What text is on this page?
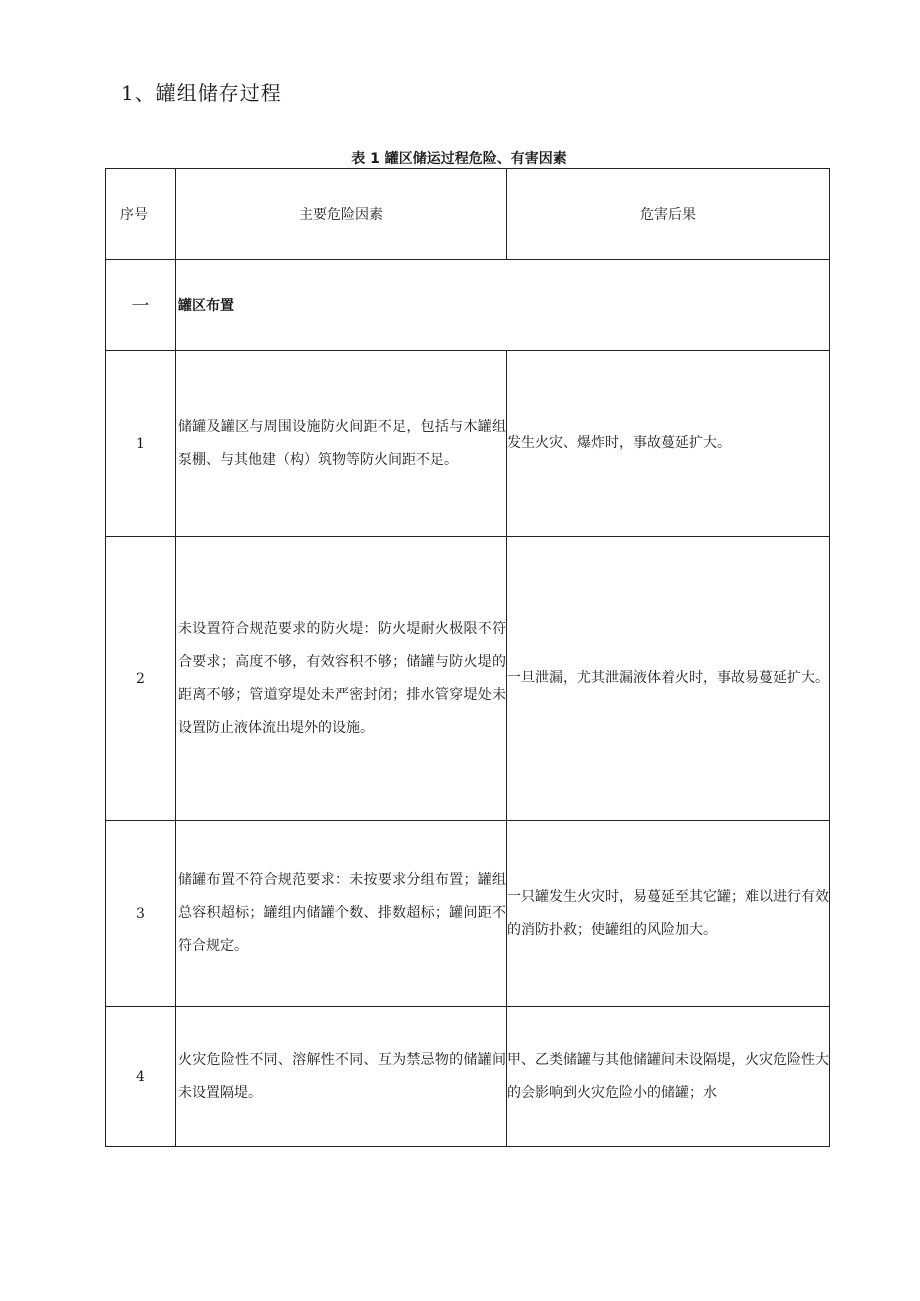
1、罐组储存过程
表 1 罐区储运过程危险、有害因素
序号	主要危险因素	危害后果
一	罐区布置	
1	储罐及罐区与周围设施防火间距不足，包括与木罐组泵棚、与其他建（构）筑物等防火间距不足。	发生火灾、爆炸时，事故蔓延扩大。
2	未设置符合规范要求的防火堤：防火堤耐火极限不符合要求；高度不够，有效容积不够；储罐与防火堤的距离不够；管道穿堤处未严密封闭；排水管穿堤处未设置防止液体流出堤外的设施。	一旦泄漏，尤其泄漏液体着火时，事故易蔓延扩大。
3	储罐布置不符合规范要求：未按要求分组布置；罐组总容积超标；罐组内储罐个数、排数超标；罐间距不符合规定。	一只罐发生火灾时，易蔓延至其它罐；难以进行有效的消防扑救；使罐组的风险加大。
4	火灾危险性不同、溶解性不同、互为禁忌物的储罐间未设置隔堤。	甲、乙类储罐与其他储罐间未设隔堤，火灾危险性大的会影响到火灾危险小的储罐；水
